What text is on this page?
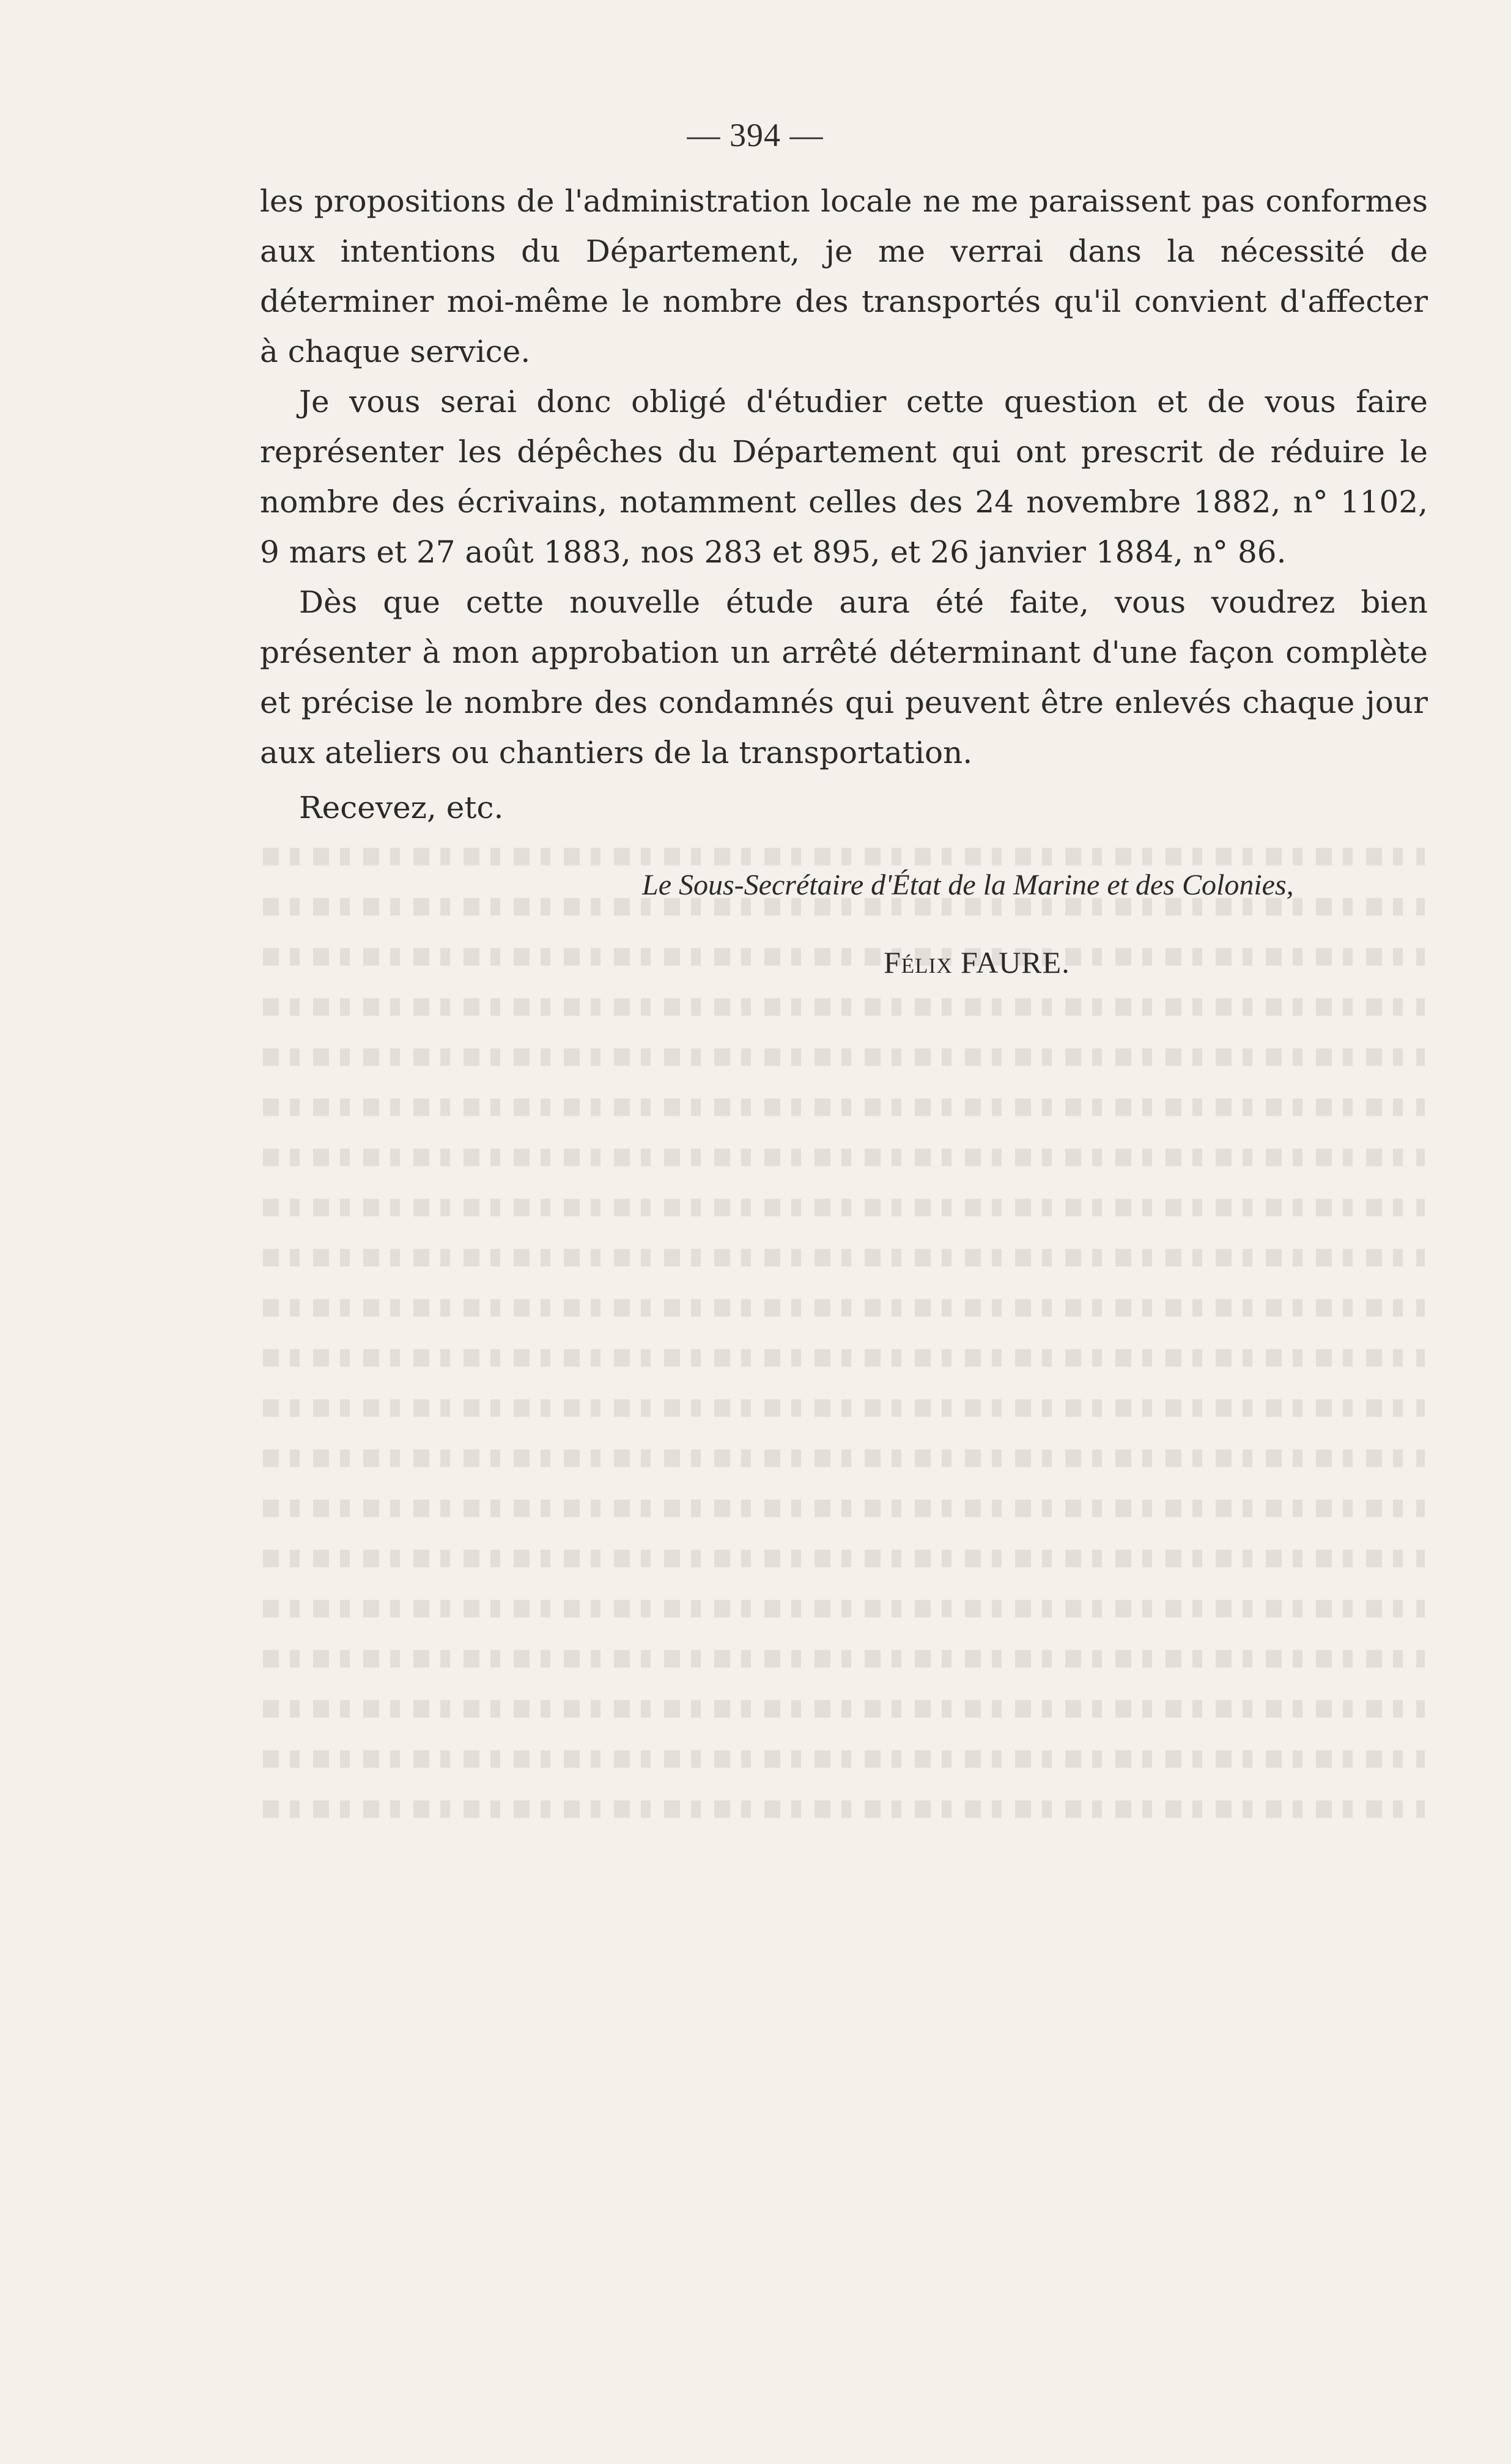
— 394 —

les propositions de l'administration locale ne me paraissent pas conformes aux intentions du Département, je me verrai dans la nécessité de déterminer moi-même le nombre des transportés qu'il convient d'affecter à chaque service.

Je vous serai donc obligé d'étudier cette question et de vous faire représenter les dépêches du Département qui ont prescrit de réduire le nombre des écrivains, notamment celles des 24 novembre 1882, n° 1102, 9 mars et 27 août 1883, nos 283 et 895, et 26 janvier 1884, n° 86.

Dès que cette nouvelle étude aura été faite, vous voudrez bien présenter à mon approbation un arrêté déterminant d'une façon complète et précise le nombre des condamnés qui peuvent être enlevés chaque jour aux ateliers ou chantiers de la transportation.

Recevez, etc.

Le Sous-Secrétaire d'État de la Marine et des Colonies,
Félix FAURE.
